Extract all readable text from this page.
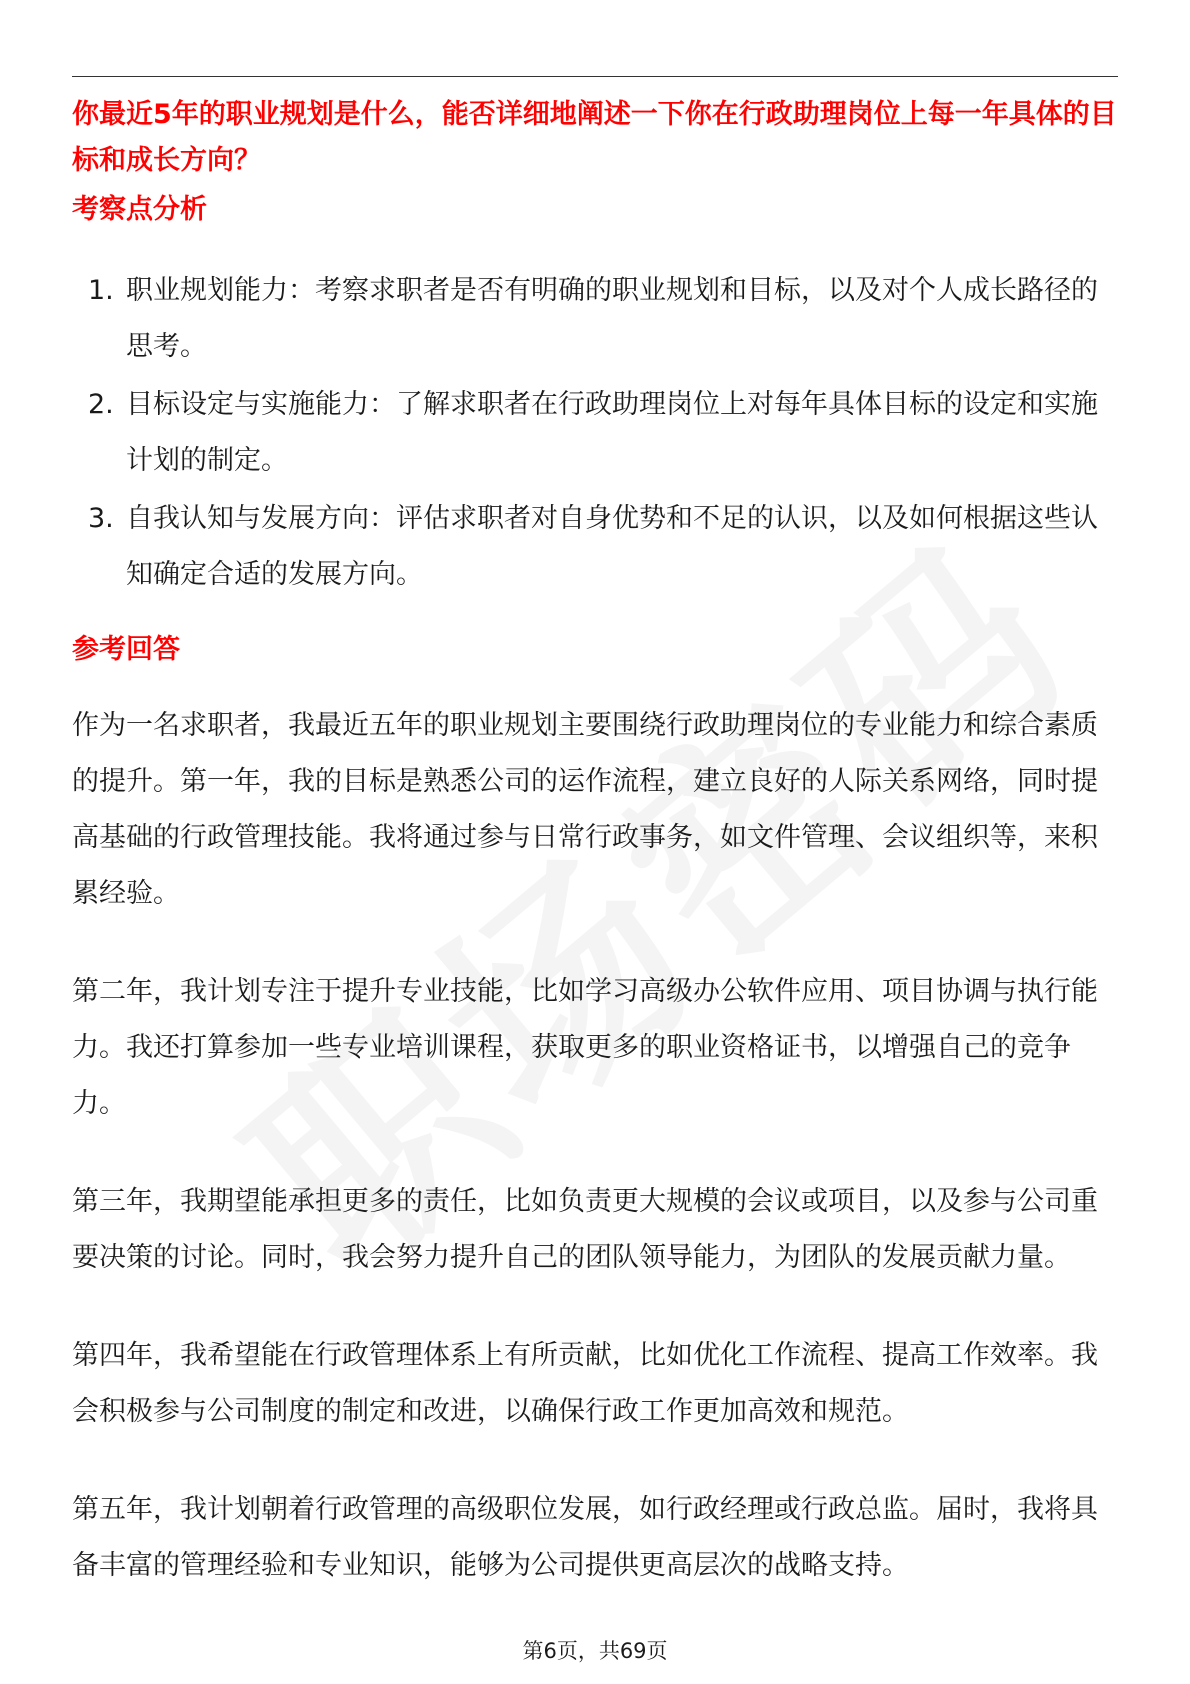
你最近5年的职业规划是什么，能否详细地阐述一下你在行政助理岗位上每一年具体的目标和成长方向？
考察点分析
1. 职业规划能力：考察求职者是否有明确的职业规划和目标，以及对个人成长路径的思考。
2. 目标设定与实施能力：了解求职者在行政助理岗位上对每年具体目标的设定和实施计划的制定。
3. 自我认知与发展方向：评估求职者对自身优势和不足的认识，以及如何根据这些认知确定合适的发展方向。
参考回答

作为一名求职者，我最近五年的职业规划主要围绕行政助理岗位的专业能力和综合素质的提升。第一年，我的目标是熟悉公司的运作流程，建立良好的人际关系网络，同时提高基础的行政管理技能。我将通过参与日常行政事务，如文件管理、会议组织等，来积累经验。

第二年，我计划专注于提升专业技能，比如学习高级办公软件应用、项目协调与执行能力。我还打算参加一些专业培训课程，获取更多的职业资格证书，以增强自己的竞争力。

第三年，我期望能承担更多的责任，比如负责更大规模的会议或项目，以及参与公司重要决策的讨论。同时，我会努力提升自己的团队领导能力，为团队的发展贡献力量。

第四年，我希望能在行政管理体系上有所贡献，比如优化工作流程、提高工作效率。我会积极参与公司制度的制定和改进，以确保行政工作更加高效和规范。

第五年，我计划朝着行政管理的高级职位发展，如行政经理或行政总监。届时，我将具备丰富的管理经验和专业知识，能够为公司提供更高层次的战略支持。

第6页，共69页
